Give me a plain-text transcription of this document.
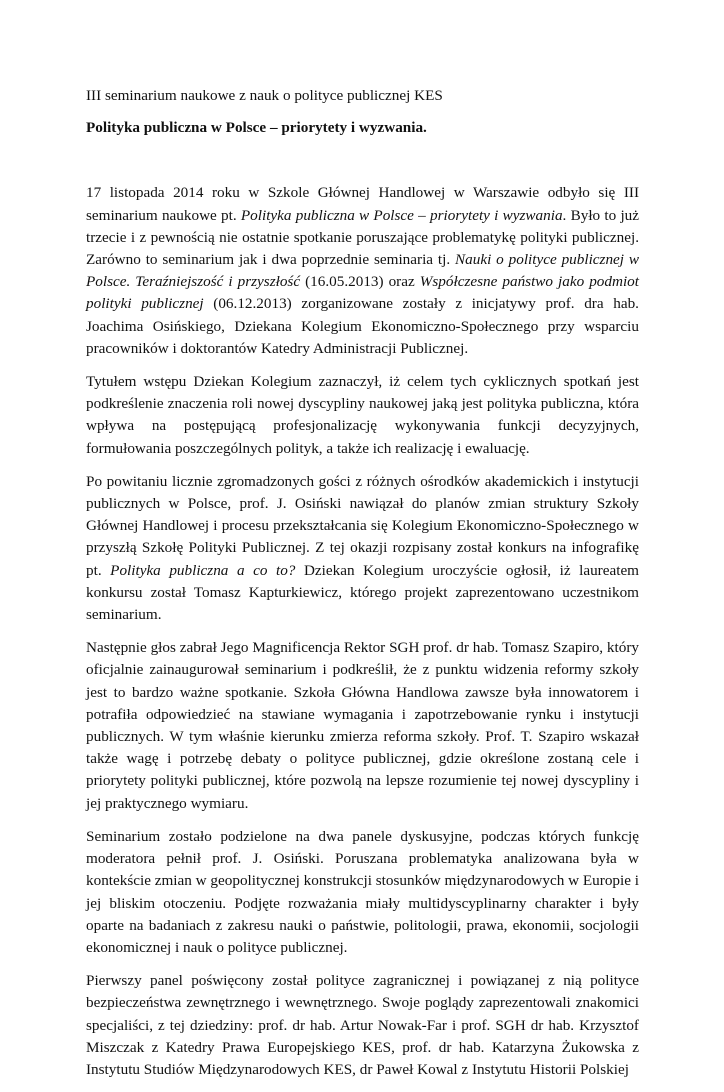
III seminarium naukowe z nauk o polityce publicznej KES

Polityka publiczna w Polsce – priorytety i wyzwania.

17 listopada 2014 roku w Szkole Głównej Handlowej w Warszawie odbyło się III seminarium naukowe pt. Polityka publiczna w Polsce – priorytety i wyzwania. Było to już trzecie i z pewnością nie ostatnie spotkanie poruszające problematykę polityki publicznej. Zarówno to seminarium jak i dwa poprzednie seminaria tj. Nauki o polityce publicznej w Polsce. Teraźniejszość i przyszłość (16.05.2013) oraz Współczesne państwo jako podmiot polityki publicznej (06.12.2013) zorganizowane zostały z inicjatywy prof. dra hab. Joachima Osińskiego, Dziekana Kolegium Ekonomiczno-Społecznego przy wsparciu pracowników i doktorantów Katedry Administracji Publicznej.

Tytułem wstępu Dziekan Kolegium zaznaczył, iż celem tych cyklicznych spotkań jest podkreślenie znaczenia roli nowej dyscypliny naukowej jaką jest polityka publiczna, która wpływa na postępującą profesjonalizację wykonywania funkcji decyzyjnych, formułowania poszczególnych polityk, a także ich realizację i ewaluację.

Po powitaniu licznie zgromadzonych gości z różnych ośrodków akademickich i instytucji publicznych w Polsce, prof. J. Osiński nawiązał do planów zmian struktury Szkoły Głównej Handlowej i procesu przekształcania się Kolegium Ekonomiczno-Społecznego w przyszłą Szkołę Polityki Publicznej. Z tej okazji rozpisany został konkurs na infografikę pt. Polityka publiczna a co to? Dziekan Kolegium uroczyście ogłosił, iż laureatem konkursu został Tomasz Kapturkiewicz, którego projekt zaprezentowano uczestnikom seminarium.

Następnie głos zabrał Jego Magnificencja Rektor SGH prof. dr hab. Tomasz Szapiro, który oficjalnie zainaugurował seminarium i podkreślił, że z punktu widzenia reformy szkoły jest to bardzo ważne spotkanie. Szkoła Główna Handlowa zawsze była innowatorem i potrafiła odpowiedzieć na stawiane wymagania i zapotrzebowanie rynku i instytucji publicznych. W tym właśnie kierunku zmierza reforma szkoły. Prof. T. Szapiro wskazał także wagę i potrzebę debaty o polityce publicznej, gdzie określone zostaną cele i priorytety polityki publicznej, które pozwolą na lepsze rozumienie tej nowej dyscypliny i jej praktycznego wymiaru.

Seminarium zostało podzielone na dwa panele dyskusyjne, podczas których funkcję moderatora pełnił prof. J. Osiński. Poruszana problematyka analizowana była w kontekście zmian w geopolitycznej konstrukcji stosunków międzynarodowych w Europie i jej bliskim otoczeniu. Podjęte rozważania miały multidyscyplinarny charakter i były oparte na badaniach z zakresu nauki o państwie, politologii, prawa, ekonomii, socjologii ekonomicznej i nauk o polityce publicznej.

Pierwszy panel poświęcony został polityce zagranicznej i powiązanej z nią polityce bezpieczeństwa zewnętrznego i wewnętrznego. Swoje poglądy zaprezentowali znakomici specjaliści, z tej dziedziny: prof. dr hab. Artur Nowak-Far i prof. SGH dr hab. Krzysztof Miszczak z Katedry Prawa Europejskiego KES, prof. dr hab. Katarzyna Żukowska z Instytutu Studiów Międzynarodowych KES, dr Paweł Kowal z Instytutu Historii Polskiej
